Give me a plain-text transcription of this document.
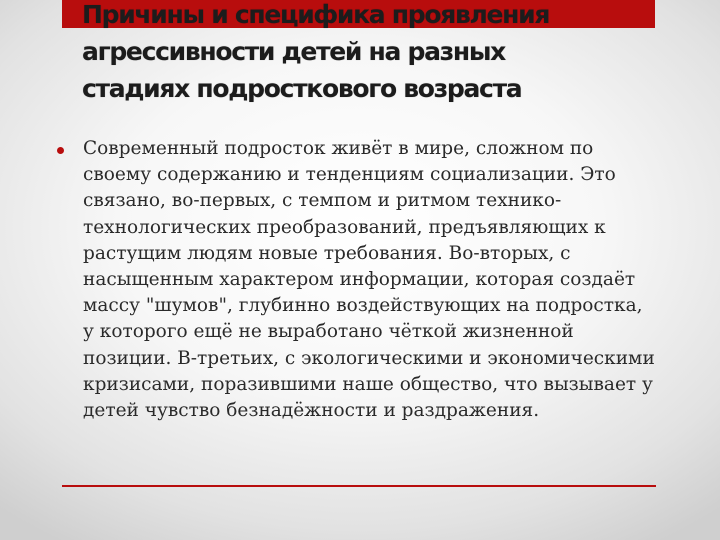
Причины и специфика проявления
агрессивности детей на разных
стадиях подросткового возраста

Современный подросток живёт в мире, сложном по своему содержанию и тенденциям социализации. Это связано, во-первых, с темпом и ритмом технико-технологических преобразований, предъявляющих к растущим людям новые требования. Во-вторых, с насыщенным характером информации, которая создаёт массу "шумов", глубинно воздействующих на подростка, у которого ещё не выработано чёткой жизненной позиции. В-третьих, с экологическими и экономическими кризисами, поразившими наше общество, что вызывает у детей чувство безнадёжности и раздражения.
